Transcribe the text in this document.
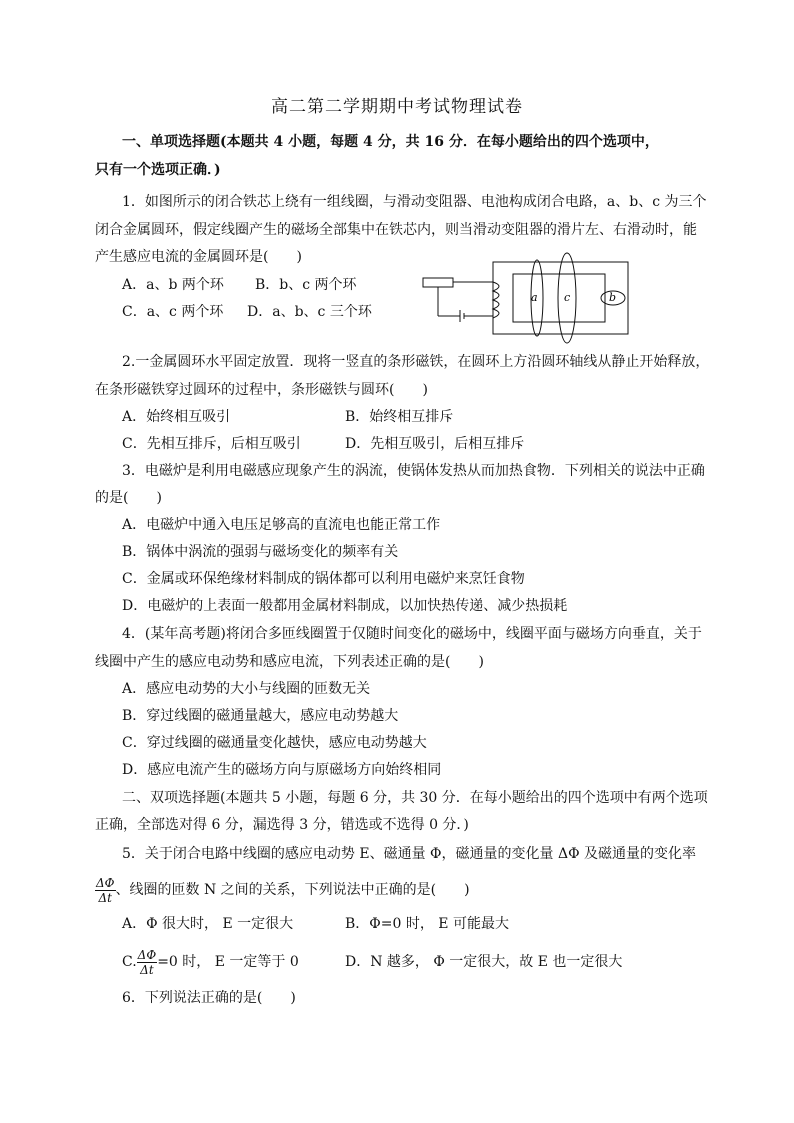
高二第二学期期中考试物理试卷
一、单项选择题(本题共 4 小题，每题 4 分，共 16 分．在每小题给出的四个选项中，
只有一个选项正确．)
1．如图所示的闭合铁芯上绕有一组线圈，与滑动变阻器、电池构成闭合电路，a、b、c 为三个
闭合金属圆环，假定线圈产生的磁场全部集中在铁芯内，则当滑动变阻器的滑片左、右滑动时，能
产生感应电流的金属圆环是(　　)
A．a、b 两个环	B．b、c 两个环
C．a、c 两个环	D．a、b、c 三个环
a c	b
2.一金属圆环水平固定放置．现将一竖直的条形磁铁，在圆环上方沿圆环轴线从静止开始释放，
在条形磁铁穿过圆环的过程中，条形磁铁与圆环(　　)
A．始终相互吸引	B．始终相互排斥
C．先相互排斥，后相互吸引	D．先相互吸引，后相互排斥
3．电磁炉是利用电磁感应现象产生的涡流，使锅体发热从而加热食物．下列相关的说法中正确
的是(　　)
A．电磁炉中通入电压足够高的直流电也能正常工作
B．锅体中涡流的强弱与磁场变化的频率有关
C．金属或环保绝缘材料制成的锅体都可以利用电磁炉来烹饪食物
D．电磁炉的上表面一般都用金属材料制成，以加快热传递、减少热损耗
4．(某年高考题)将闭合多匝线圈置于仅随时间变化的磁场中，线圈平面与磁场方向垂直，关于
线圈中产生的感应电动势和感应电流，下列表述正确的是(　　)
A．感应电动势的大小与线圈的匝数无关
B．穿过线圈的磁通量越大，感应电动势越大
C．穿过线圈的磁通量变化越快，感应电动势越大
D．感应电流产生的磁场方向与原磁场方向始终相同
二、双项选择题(本题共 5 小题，每题 6 分，共 30 分．在每小题给出的四个选项中有两个选项
正确，全部选对得 6 分，漏选得 3 分，错选或不选得 0 分．)
5．关于闭合电路中线圈的感应电动势 E、磁通量 Φ，磁通量的变化量 ΔΦ 及磁通量的变化率
$\frac{\Delta\Phi}{\Delta t}$ 、线圈的匝数 N 之间的关系，下列说法中正确的是(　　)
A．Φ 很大时， E 一定很大	B．Φ=0 时， E 可能最大
C. $\frac{\Delta\Phi}{\Delta t} =0$ 时， E 一定等于 0	D．N 越多， Φ 一定很大，故 E 也一定很大
6．下列说法正确的是(　　)
